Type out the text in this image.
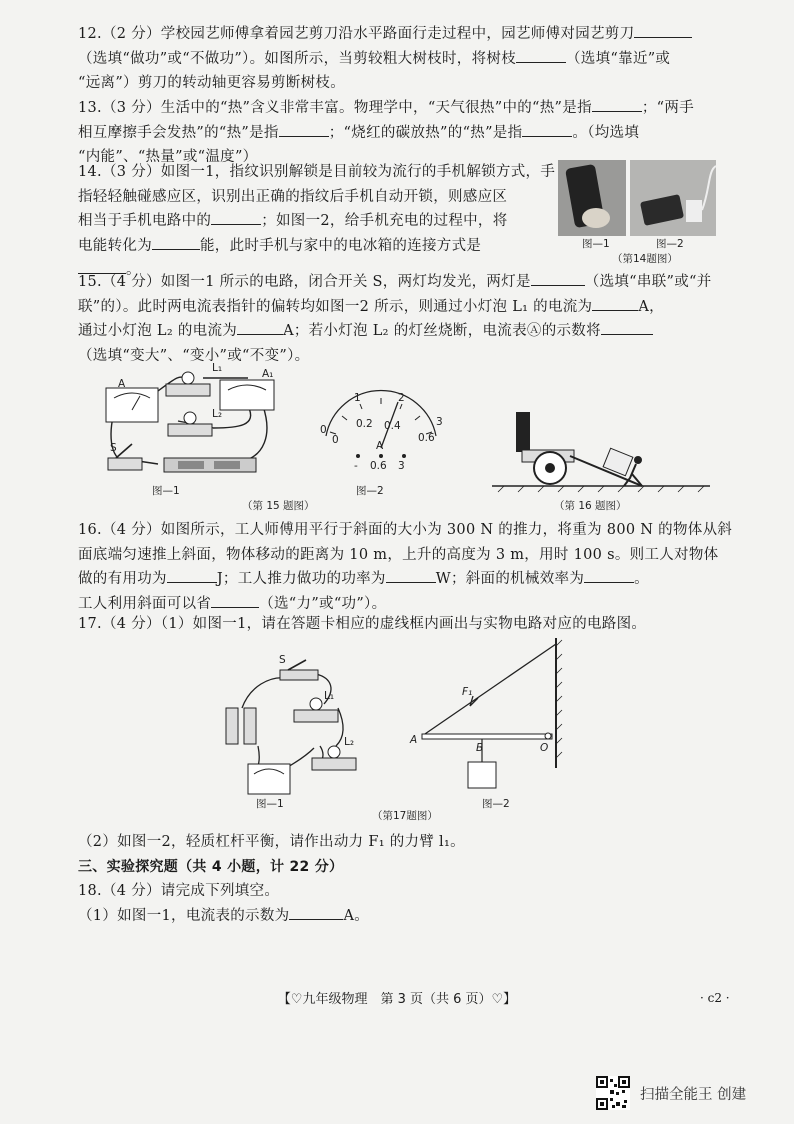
12.（2 分）学校园艺师傅拿着园艺剪刀沿水平路面行走过程中，园艺师傅对园艺剪刀
（选填“做功”或“不做功”）。如图所示，当剪较粗大树枝时，将树枝	（选填“靠近”或
“远离”）剪刀的转动轴更容易剪断树枝。
13.（3 分）生活中的“热”含义非常丰富。物理学中，“天气很热”中的“热”是指	；“两手
相互摩擦手会发热”的“热”是指	；“烧红的碳放热”的“热”是指	。（均选填
“内能”、“热量”或“温度”）
14.（3 分）如图一1，指纹识别解锁是目前较为流行的手机解锁方式，手
指轻轻触碰感应区，识别出正确的指纹后手机自动开锁，则感应区
相当于手机电路中的	；如图一2，给手机充电的过程中，将
电能转化为	能，此时手机与家中的电冰箱的连接方式是
。
图—1	图—2
（第14题图）
15.（4 分）如图一1 所示的电路，闭合开关 S，两灯均发光，两灯是	（选填“串联”或“并
联”的）。此时两电流表指针的偏转均如图一2 所示，则通过小灯泡 L₁ 的电流为	A，
通过小灯泡 L₂ 的电流为	A；若小灯泡 L₂ 的灯丝烧断，电流表Ⓐ的示数将
（选填“变大”、“变小”或“不变”）。
A
A₁
L₁
L₂
S
图—1
（第 15 题图）
0
1	2
3
0
0.2 0.4
0.6
A
- 0.6 3
图—2
（第 16 题图）
16.（4 分）如图所示，工人师傅用平行于斜面的大小为 300 N 的推力，将重为 800 N 的物体从斜
面底端匀速推上斜面，物体移动的距离为 10 m，上升的高度为 3 m，用时 100 s。则工人对物体
做的有用功为	J；工人推力做功的功率为	W；斜面的机械效率为	。
工人利用斜面可以省	（选“力”或“功”）。
17.（4 分）（1）如图一1，请在答题卡相应的虚线框内画出与实物电路对应的电路图。
S
L₁
L₂
图—1
（第17题图）
F₁
A
B	O
图—2
（2）如图一2，轻质杠杆平衡，请作出动力 F₁ 的力臂 l₁。
三、实验探究题（共 4 小题，计 22 分）
18.（4 分）请完成下列填空。
（1）如图一1，电流表的示数为	A。
【♡九年级物理　第 3 页（共 6 页）♡】	· c2 ·
扫描全能王 创建
